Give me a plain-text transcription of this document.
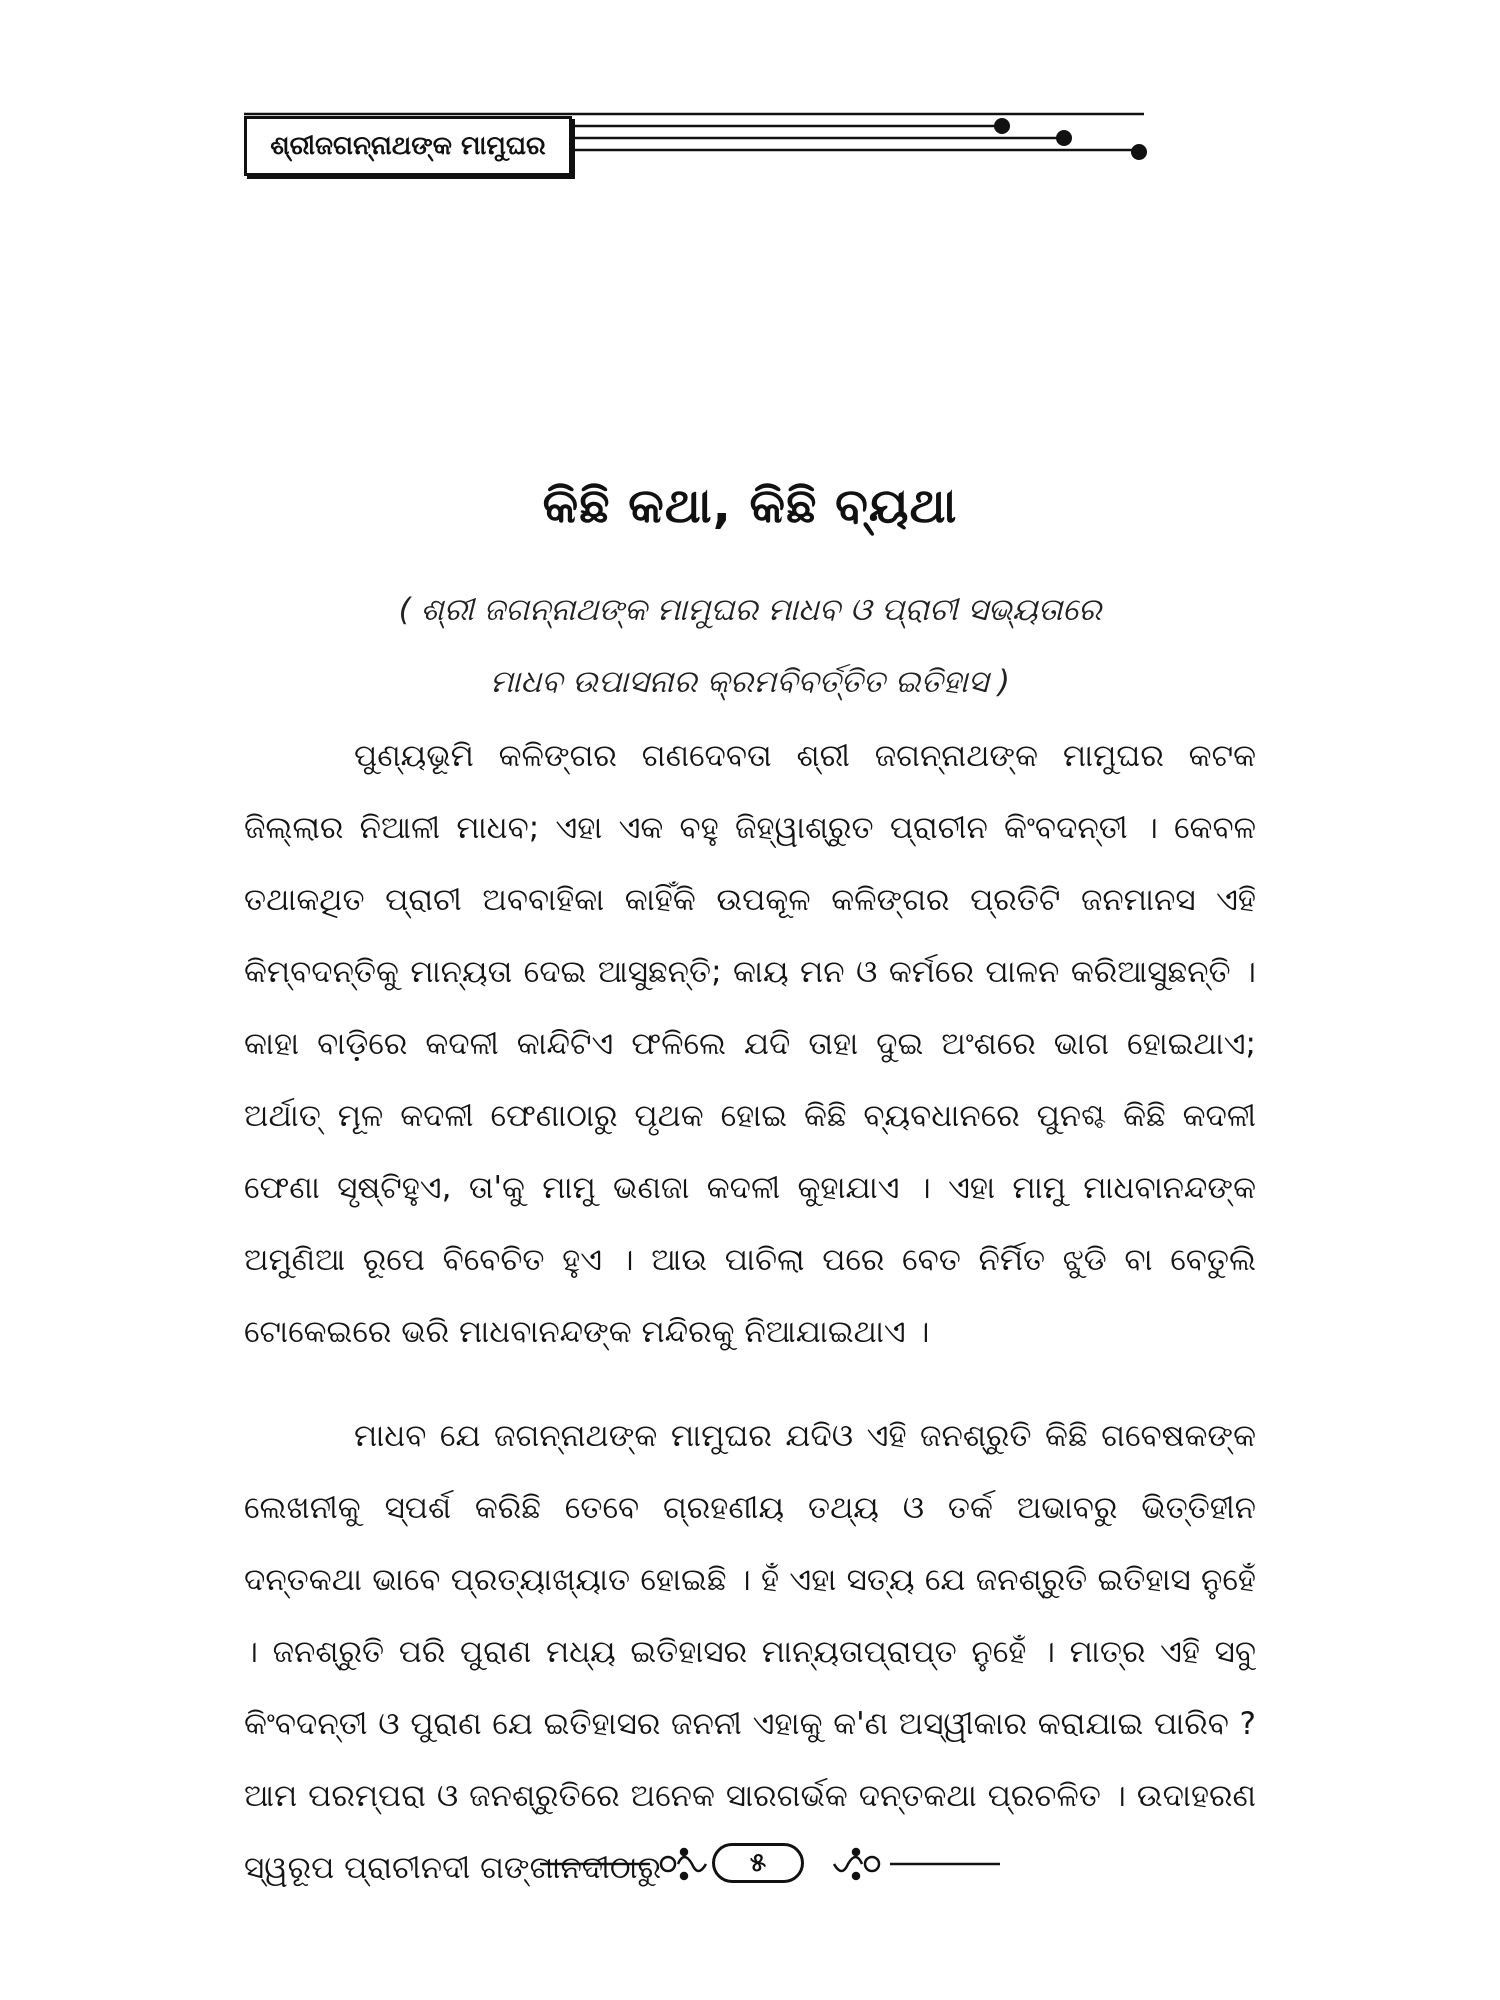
ଶ୍ରୀଜଗନ୍ନାଥଙ୍କ ମାମୁଘର
କିଛି କଥା, କିଛି ବ୍ୟଥା
( ଶ୍ରୀ ଜଗନ୍ନାଥଙ୍କ ମାମୁଘର ମାଧବ ଓ ପ୍ରାଚୀ ସଭ୍ୟତାରେ
ମାଧବ ଉପାସନାର କ୍ରମବିବର୍ତ୍ତିତ ଇତିହାସ )

ପୁଣ୍ୟଭୂମି କଳିଙ୍ଗର ଗଣଦେବତା ଶ୍ରୀ ଜଗନ୍ନାଥଙ୍କ ମାମୁଘର କଟକ ଜିଲ୍ଲାର ନିଆଳୀ ମାଧବ; ଏହା ଏକ ବହୁ ଜିହ୍ୱାଶ୍ରୁତ ପ୍ରାଚୀନ କିଂବଦନ୍ତୀ । କେବଳ ତଥାକଥିତ ପ୍ରାଚୀ ଅବବାହିକା କାହିଁକି ଉପକୂଳ କଳିଙ୍ଗର ପ୍ରତିଟି ଜନମାନସ ଏହି କିମ୍ବଦନ୍ତିକୁ ମାନ୍ୟତା ଦେଇ ଆସୁଛନ୍ତି; କାୟ ମନ ଓ କର୍ମରେ ପାଳନ କରିଆସୁଛନ୍ତି । କାହା ବାଡ଼ିରେ କଦଳୀ କାନ୍ଦିଟିଏ ଫଳିଲେ ଯଦି ତାହା ଦୁଇ ଅଂଶରେ ଭାଗ ହୋଇଥାଏ; ଅର୍ଥାତ୍ ମୂଳ କଦଳୀ ଫେଣାଠାରୁ ପୃଥକ ହୋଇ କିଛି ବ୍ୟବଧାନରେ ପୁନଶ୍ଚ କିଛି କଦଳୀ ଫେଣା ସୃଷ୍ଟିହୁଏ, ତା'କୁ ମାମୁ ଭଣଜା କଦଳୀ କୁହାଯାଏ । ଏହା ମାମୁ ମାଧବାନନ୍ଦଙ୍କ ଅମୁଣିଆ ରୂପେ ବିବେଚିତ ହୁଏ । ଆଉ ପାଚିଲା ପରେ ବେତ ନିର୍ମିତ ଝୁଡି ବା ବେତୁଲି ଟୋକେଇରେ ଭରି ମାଧବାନନ୍ଦଙ୍କ ମନ୍ଦିରକୁ ନିଆଯାଇଥାଏ ।

ମାଧବ ଯେ ଜଗନ୍ନାଥଙ୍କ ମାମୁଘର ଯଦିଓ ଏହି ଜନଶ୍ରୁତି କିଛି ଗବେଷକଙ୍କ ଲେଖନୀକୁ ସ୍ପର୍ଶ କରିଛି ତେବେ ଗ୍ରହଣୀୟ ତଥ୍ୟ ଓ ତର୍କ ଅଭାବରୁ ଭିତ୍ତିହୀନ ଦନ୍ତକଥା ଭାବେ ପ୍ରତ୍ୟାଖ୍ୟାତ ହୋଇଛି । ହଁ ଏହା ସତ୍ୟ ଯେ ଜନଶ୍ରୁତି ଇତିହାସ ନୁହେଁ । ଜନଶ୍ରୁତି ପରି ପୁରାଣ ମଧ୍ୟ ଇତିହାସର ମାନ୍ୟତାପ୍ରାପ୍ତ ନୁହେଁ । ମାତ୍ର ଏହି ସବୁ କିଂବଦନ୍ତୀ ଓ ପୁରାଣ ଯେ ଇତିହାସର ଜନନୀ ଏହାକୁ କ'ଣ ଅସ୍ୱୀକାର କରାଯାଇ ପାରିବ ? ଆମ ପରମ୍ପରା ଓ ଜନଶ୍ରୁତିରେ ଅନେକ ସାରଗର୍ଭକ ଦନ୍ତକଥା ପ୍ରଚଳିତ । ଉଦାହରଣ ସ୍ୱରୂପ ପ୍ରାଚୀନଦୀ ଗଙ୍ଗାନଦୀଠାରୁ	୫
